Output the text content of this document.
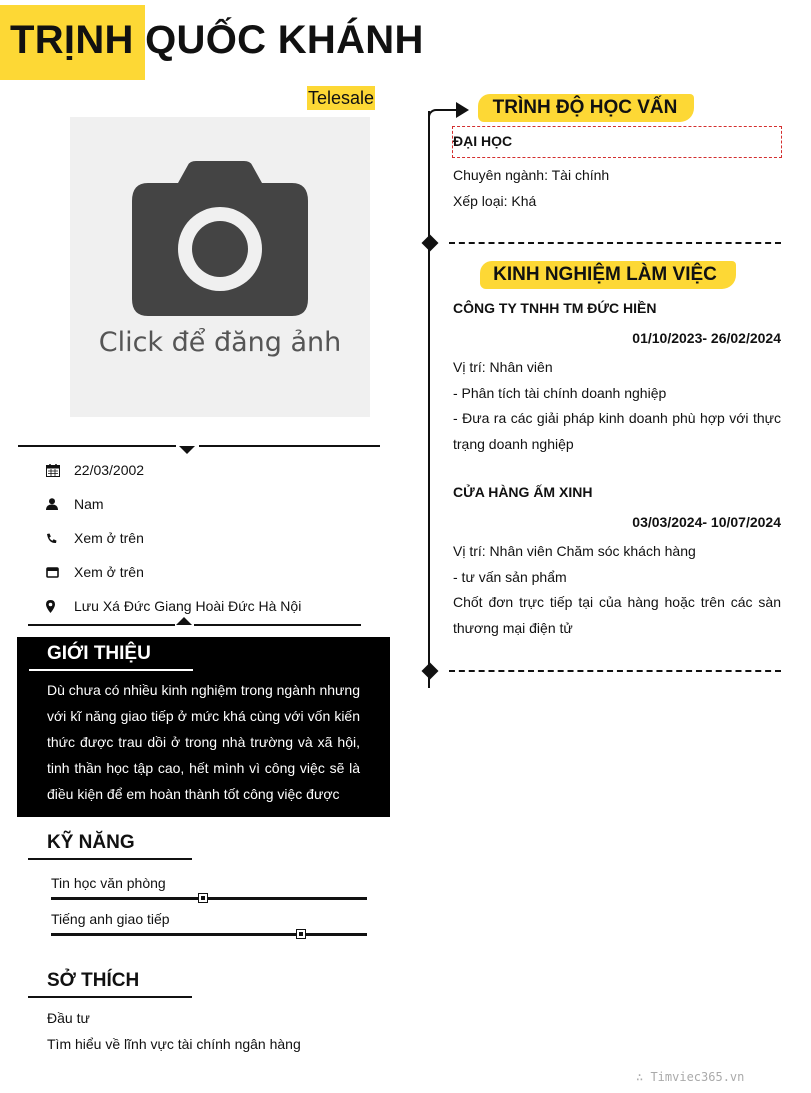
TRỊNH QUỐC KHÁNH
Telesale
Click để đăng ảnh
22/03/2002
Nam
Xem ở trên
Xem ở trên
Lưu Xá Đức Giang Hoài Đức Hà Nội
GIỚI THIỆU
Dù chưa có nhiều kinh nghiệm trong ngành nhưng với kĩ năng giao tiếp ở mức khá cùng với vốn kiến thức được trau dồi ở trong nhà trường và xã hội, tinh thần học tập cao, hết mình vì công việc sẽ là điều kiện để em hoàn thành tốt công việc được
KỸ NĂNG
Tin học văn phòng
Tiếng anh giao tiếp
SỞ THÍCH
Đầu tư
Tìm hiểu về lĩnh vực tài chính ngân hàng
TRÌNH ĐỘ HỌC VẤN
ĐẠI HỌC
Chuyên ngành: Tài chính
Xếp loại: Khá
KINH NGHIỆM LÀM VIỆC
CÔNG TY TNHH TM ĐỨC HIỀN
01/10/2023- 26/02/2024
Vị trí: Nhân viên
- Phân tích tài chính doanh nghiệp
- Đưa ra các giải pháp kinh doanh phù hợp với thực trạng doanh nghiệp
CỬA HÀNG ẤM XINH
03/03/2024- 10/07/2024
Vị trí: Nhân viên Chăm sóc khách hàng
- tư vấn sản phẩm
Chốt đơn trực tiếp tại của hàng hoặc trên các sàn thương mại điện tử
∴ Timviec365.vn
